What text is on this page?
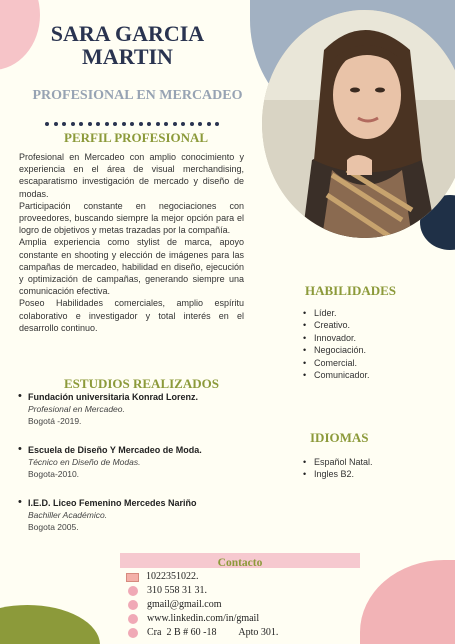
SARA GARCIA
MARTIN
PROFESIONAL EN MERCADEO
PERFIL PROFESIONAL

Profesional en Mercadeo con amplio conocimiento y experiencia en el área de visual merchandising, escaparatismo investigación de mercado y diseño de modas.

Participación constante en negociaciones con proveedores, buscando siempre la mejor opción para el logro de objetivos y metas trazadas por la compañía.

Amplia experiencia como stylist de marca, apoyo constante en shooting y elección de imágenes para las campañas de mercadeo, habilidad en diseño, ejecución y optimización de campañas, generando siempre una comunicación efectiva.

Poseo Habilidades comerciales, amplio espíritu colaborativo e investigador y total interés en el desarrollo continuo.

ESTUDIOS REALIZADOS
• Fundación universitaria Konrad Lorenz.
Profesional en Mercadeo.
Bogotá -2019.
• Escuela de Diseño Y Mercadeo de Moda.
Técnico en Diseño de Modas.
Bogota-2010.
• I.E.D. Liceo Femenino Mercedes Nariño
Bachiller Académico.
Bogota 2005.
HABILIDADES
• Líder.
• Creativo.
• Innovador.
• Negociación.
• Comercial.
• Comunicador.
IDIOMAS
• Español Natal.
• Ingles B2.
Contacto
1022351022.
310 558 31 31.
gmail@gmail.com
www.linkedin.com/in/gmail
Cra  2 B # 60 -18         Apto 301.
